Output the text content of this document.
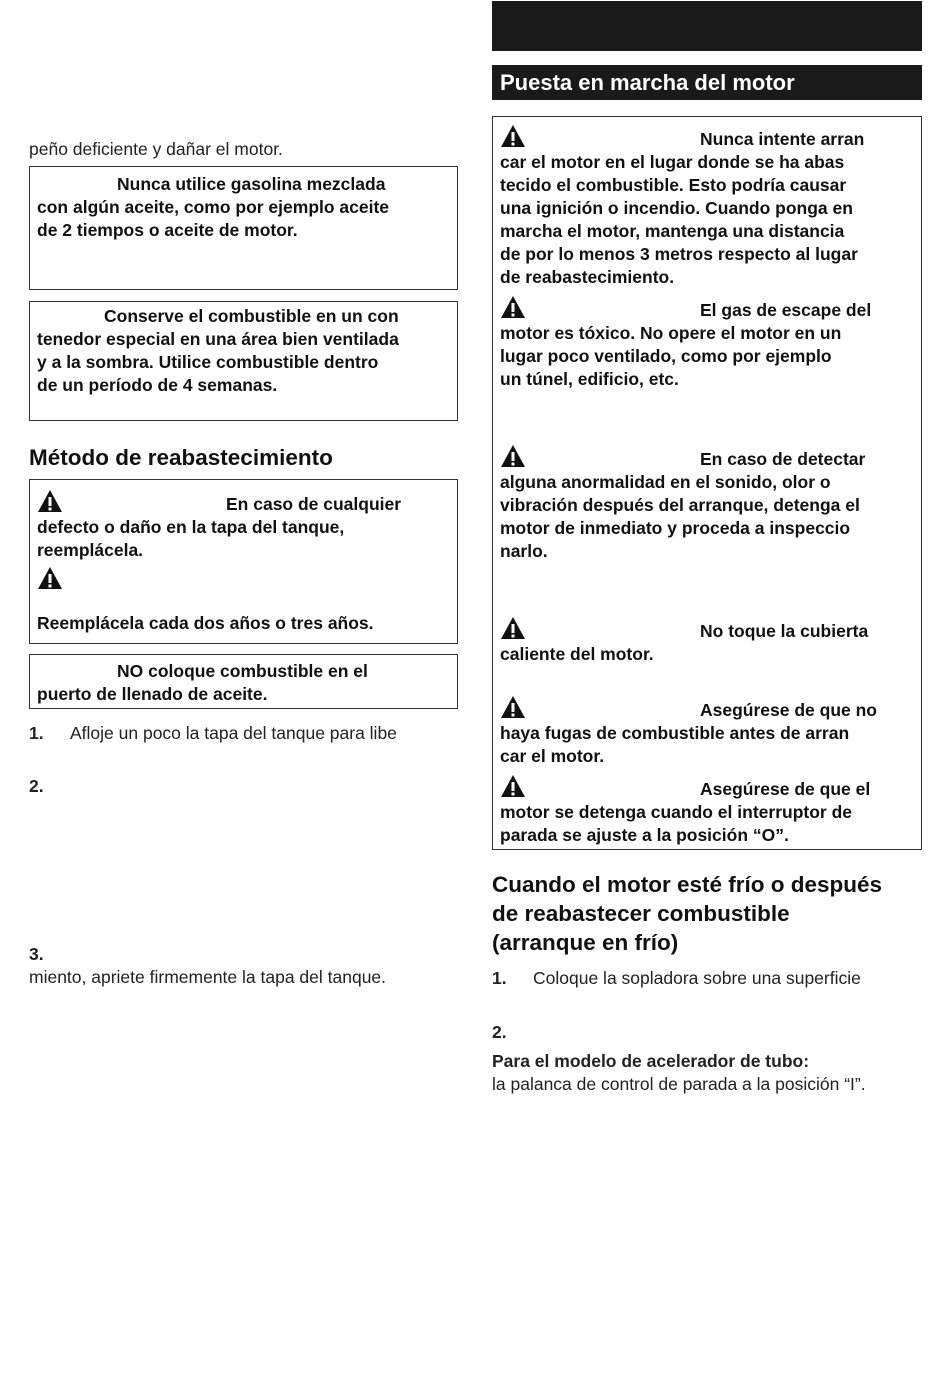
peño deficiente y dañar el motor.
Nunca utilice gasolina mezclada
con algún aceite, como por ejemplo aceite
de 2 tiempos o aceite de motor.
Conserve el combustible en un con
tenedor especial en una área bien ventilada
y a la sombra. Utilice combustible dentro
de un período de 4 semanas.
Método de reabastecimiento
En caso de cualquier
defecto o daño en la tapa del tanque,
reemplácela.
Reemplácela cada dos años o tres años.
NO coloque combustible en el
puerto de llenado de aceite.
1. Afloje un poco la tapa del tanque para libe
2.
3.
miento, apriete firmemente la tapa del tanque.
Puesta en marcha del motor
Nunca intente arran
car el motor en el lugar donde se ha abas
tecido el combustible. Esto podría causar
una ignición o incendio. Cuando ponga en
marcha el motor, mantenga una distancia
de por lo menos 3 metros respecto al lugar
de reabastecimiento.
El gas de escape del
motor es tóxico. No opere el motor en un
lugar poco ventilado, como por ejemplo
un túnel, edificio, etc.
En caso de detectar
alguna anormalidad en el sonido, olor o
vibración después del arranque, detenga el
motor de inmediato y proceda a inspeccio
narlo.
No toque la cubierta
caliente del motor.
Asegúrese de que no
haya fugas de combustible antes de arran
car el motor.
Asegúrese de que el
motor se detenga cuando el interruptor de
parada se ajuste a la posición “O”.
Cuando el motor esté frío o después
de reabastecer combustible
(arranque en frío)
1. Coloque la sopladora sobre una superficie
2.
Para el modelo de acelerador de tubo:
la palanca de control de parada a la posición “I”.
